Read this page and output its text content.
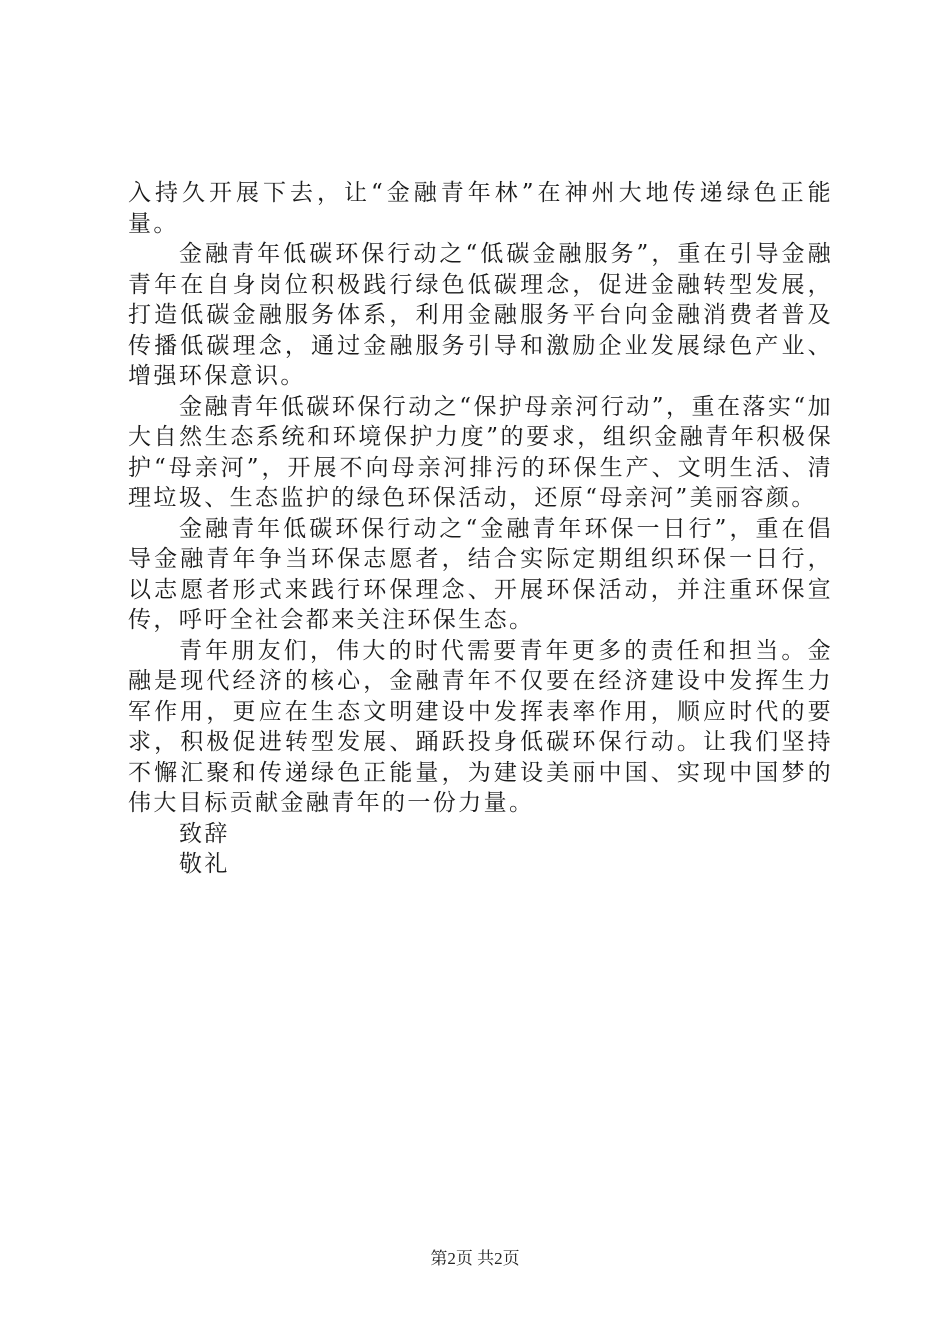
入持久开展下去，让“金融青年林”在神州大地传递绿色正能量。

金融青年低碳环保行动之“低碳金融服务”，重在引导金融青年在自身岗位积极践行绿色低碳理念，促进金融转型发展，打造低碳金融服务体系，利用金融服务平台向金融消费者普及传播低碳理念，通过金融服务引导和激励企业发展绿色产业、增强环保意识。

金融青年低碳环保行动之“保护母亲河行动”，重在落实“加大自然生态系统和环境保护力度”的要求，组织金融青年积极保护“母亲河”，开展不向母亲河排污的环保生产、文明生活、清理垃圾、生态监护的绿色环保活动，还原“母亲河”美丽容颜。

金融青年低碳环保行动之“金融青年环保一日行”，重在倡导金融青年争当环保志愿者，结合实际定期组织环保一日行，以志愿者形式来践行环保理念、开展环保活动，并注重环保宣传，呼吁全社会都来关注环保生态。

青年朋友们，伟大的时代需要青年更多的责任和担当。金融是现代经济的核心，金融青年不仅要在经济建设中发挥生力军作用，更应在生态文明建设中发挥表率作用，顺应时代的要求，积极促进转型发展、踊跃投身低碳环保行动。让我们坚持不懈汇聚和传递绿色正能量，为建设美丽中国、实现中国梦的伟大目标贡献金融青年的一份力量。

致辞

敬礼

第2页 共2页
